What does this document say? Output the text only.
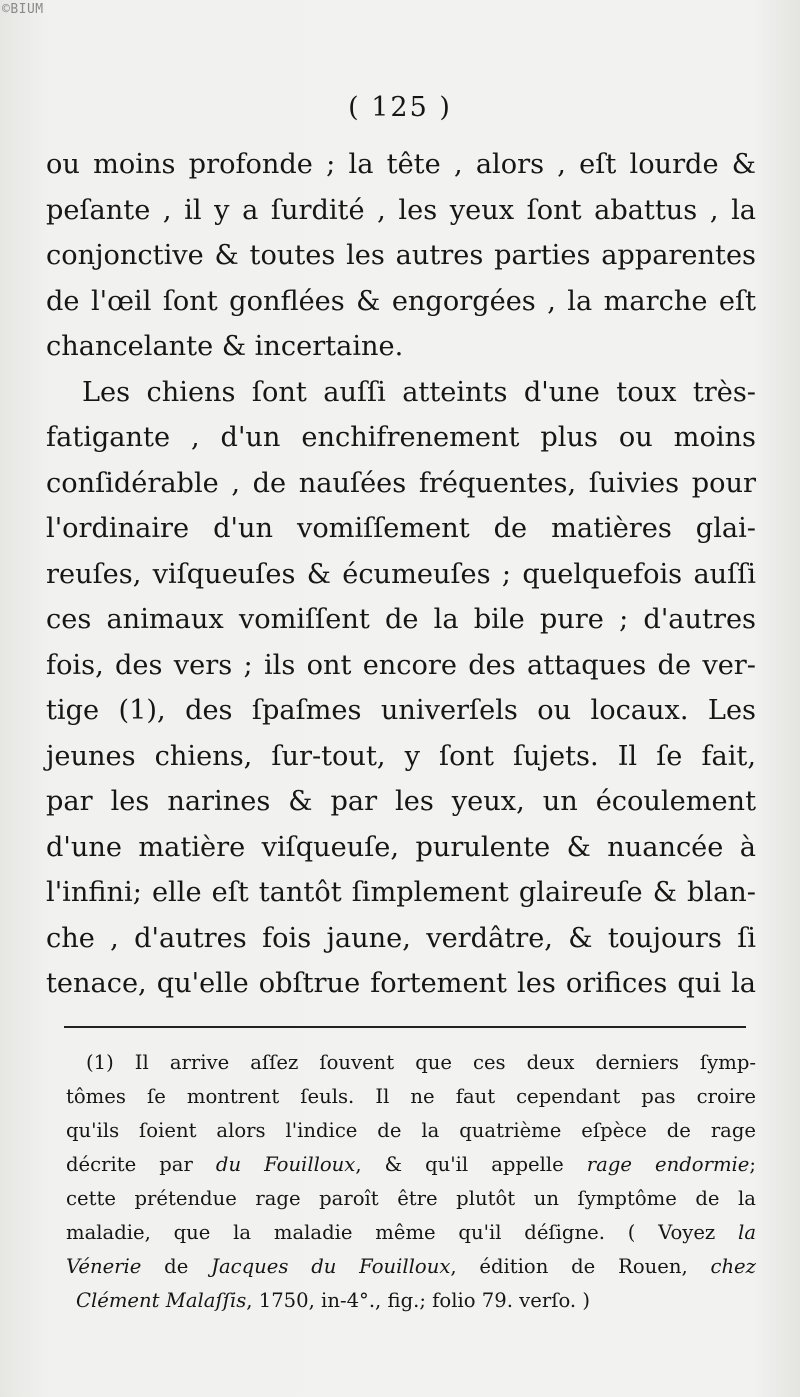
©BIUM
( 125 )
ou moins profonde ; la tête , alors , eſt lourde &
peſante , il y a ſurdité , les yeux ſont abattus , la
conjonctive & toutes les autres parties apparentes
de l'œil ſont gonflées & engorgées , la marche eſt
chancelante & incertaine.
Les chiens ſont auſſi atteints d'une toux très-
fatigante , d'un enchifrenement plus ou moins
conſidérable , de nauſées fréquentes, ſuivies pour
l'ordinaire d'un vomiſſement de matières glai-
reuſes, viſqueuſes & écumeuſes ; quelquefois auſſi
ces animaux vomiſſent de la bile pure ; d'autres
fois, des vers ; ils ont encore des attaques de ver-
tige (1), des ſpaſmes univerſels ou locaux. Les
jeunes chiens, ſur-tout, y ſont ſujets. Il ſe fait,
par les narines & par les yeux, un écoulement
d'une matière viſqueuſe, purulente & nuancée à
l'infini; elle eſt tantôt ſimplement glaireuſe & blan-
che , d'autres fois jaune, verdâtre, & toujours ſi
tenace, qu'elle obſtrue fortement les orifices qui la
(1) Il arrive aſſez ſouvent que ces deux derniers ſymp-
tômes ſe montrent ſeuls. Il ne faut cependant pas croire
qu'ils ſoient alors l'indice de la quatrième eſpèce de rage
décrite par du Fouilloux, & qu'il appelle rage endormie;
cette prétendue rage paroît être plutôt un ſymptôme de la
maladie, que la maladie même qu'il déſigne. ( Voyez la
Vénerie de Jacques du Fouilloux, édition de Rouen, chez
Clément Malaſſis, 1750, in-4°., fig.; folio 79. verſo. )
